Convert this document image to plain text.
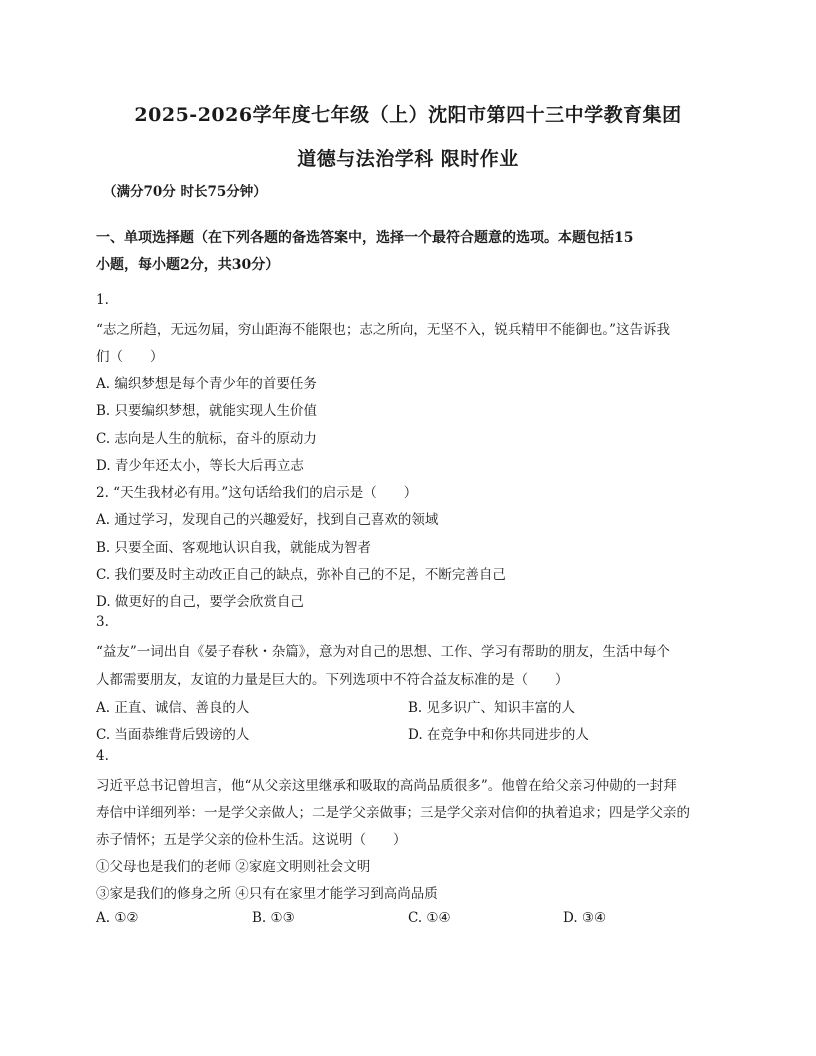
2025-2026学年度七年级（上）沈阳市第四十三中学教育集团
道德与法治学科 限时作业
（满分70分 时长75分钟）
一、单项选择题（在下列各题的备选答案中，选择一个最符合题意的选项。本题包括15
小题，每小题2分，共30分）
1.
“志之所趋，无远勿届，穷山距海不能限也；志之所向，无坚不入，锐兵精甲不能御也。”这告诉我
们（　　）
A. 编织梦想是每个青少年的首要任务
B. 只要编织梦想，就能实现人生价值
C. 志向是人生的航标，奋斗的原动力
D. 青少年还太小，等长大后再立志
2. “天生我材必有用。”这句话给我们的启示是（　　）
A. 通过学习，发现自己的兴趣爱好，找到自己喜欢的领域
B. 只要全面、客观地认识自我，就能成为智者
C. 我们要及时主动改正自己的缺点，弥补自己的不足，不断完善自己
D. 做更好的自己，要学会欣赏自己
3.
“益友”一词出自《晏子春秋・杂篇》，意为对自己的思想、工作、学习有帮助的朋友，生活中每个
人都需要朋友，友谊的力量是巨大的。下列选项中不符合益友标准的是（　　）
A. 正直、诚信、善良的人	B. 见多识广、知识丰富的人
C. 当面恭维背后毁谤的人	D. 在竞争中和你共同进步的人
4.
习近平总书记曾坦言，他“从父亲这里继承和吸取的高尚品质很多”。他曾在给父亲习仲勋的一封拜
寿信中详细列举：一是学父亲做人；二是学父亲做事；三是学父亲对信仰的执着追求；四是学父亲的
赤子情怀；五是学父亲的俭朴生活。这说明（　　）
①父母也是我们的老师 ②家庭文明则社会文明
③家是我们的修身之所 ④只有在家里才能学习到高尚品质
A. ①②	B. ①③	C. ①④	D. ③④
